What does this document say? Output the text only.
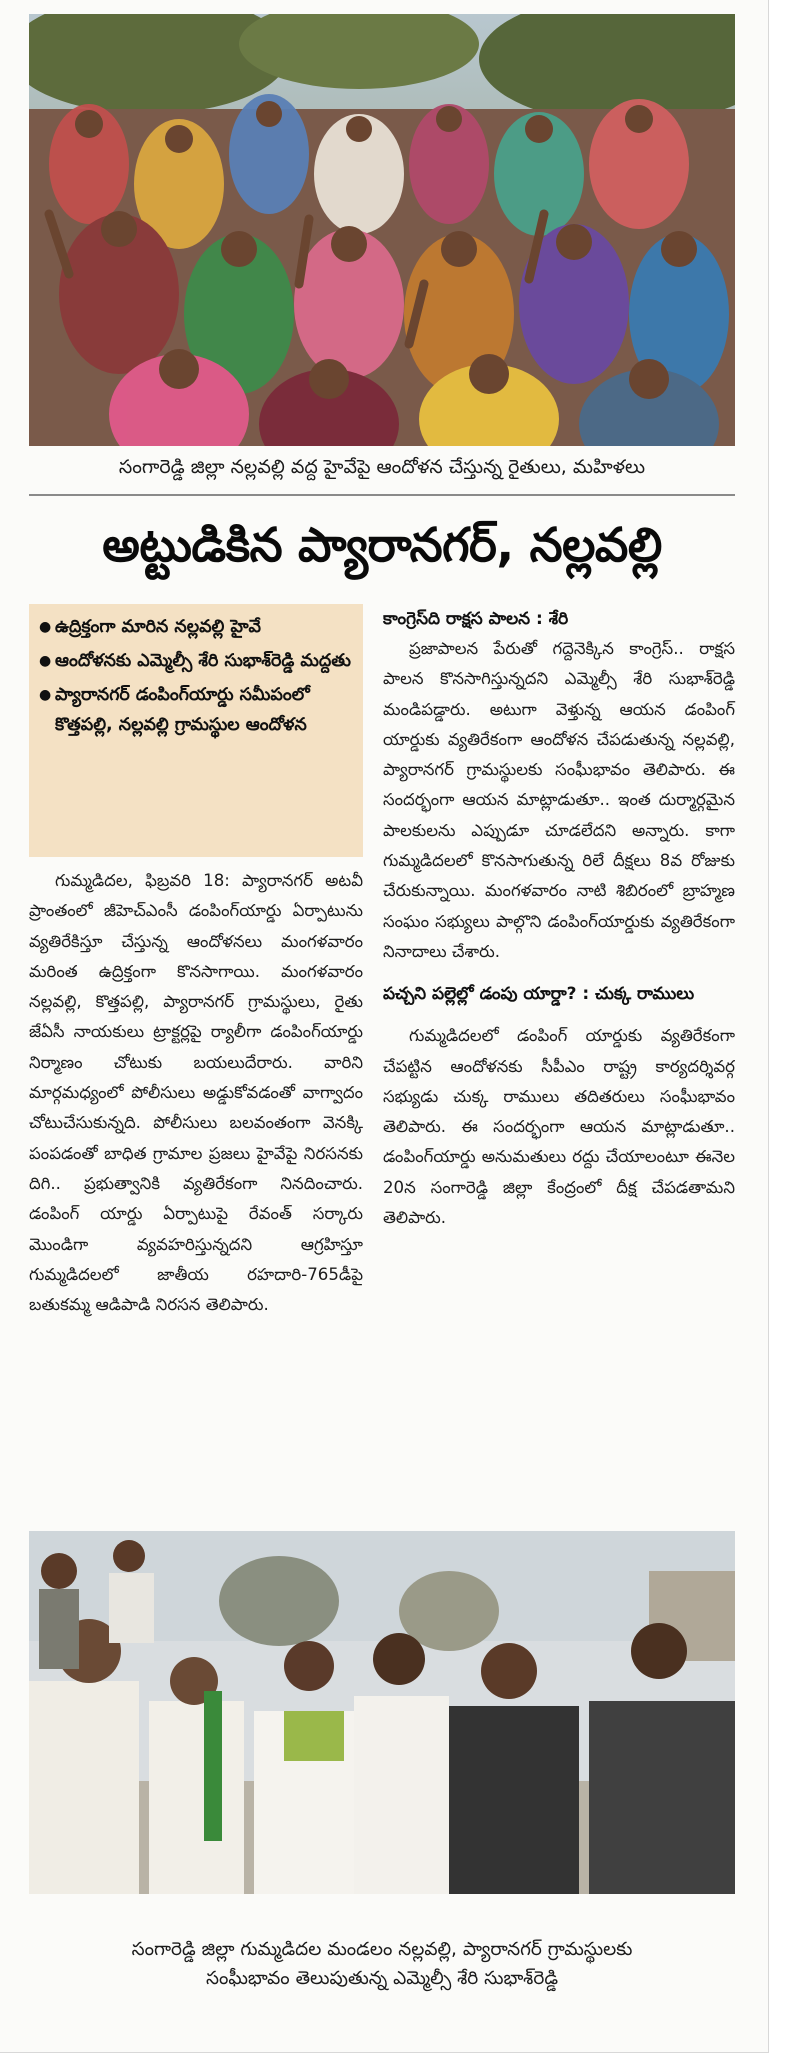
సంగారెడ్డి జిల్లా నల్లవల్లి వద్ద హైవేపై ఆందోళన చేస్తున్న రైతులు, మహిళలు
అట్టుడికిన ప్యారానగర్, నల్లవల్లి
● ఉద్రిక్తంగా మారిన నల్లవల్లి హైవే
● ఆందోళనకు ఎమ్మెల్సీ శేరి సుభాశ్‌రెడ్డి మద్దతు
● ప్యారానగర్ డంపింగ్‌యార్డు సమీపంలో కొత్తపల్లి, నల్లవల్లి గ్రామస్థుల ఆందోళన

గుమ్మడిదల, ఫిబ్రవరి 18: ప్యారానగర్ అటవీ ప్రాంతంలో జీహెచ్‌ఎంసీ డంపింగ్‌యార్డు ఏర్పాటును వ్యతిరేకిస్తూ చేస్తున్న ఆందోళనలు మంగళవారం మరింత ఉద్రిక్తంగా కొనసాగాయి. మంగళవారం నల్లవల్లి, కొత్తపల్లి, ప్యారానగర్ గ్రామస్థులు, రైతు జేఏసీ నాయకులు ట్రాక్టర్లపై ర్యాలీగా డంపింగ్‌యార్డు నిర్మాణం చోటుకు బయలుదేరారు. వారిని మార్గమధ్యంలో పోలీసులు అడ్డుకోవడంతో వాగ్వాదం చోటుచేసుకున్నది. పోలీసులు బలవంతంగా వెనక్కి పంపడంతో బాధిత గ్రామాల ప్రజలు హైవేపై నిరసనకు దిగి.. ప్రభుత్వానికి వ్యతిరేకంగా నినదించారు. డంపింగ్ యార్డు ఏర్పాటుపై రేవంత్ సర్కారు మొండిగా వ్యవహరిస్తున్నదని ఆగ్రహిస్తూ గుమ్మడిదలలో జాతీయ రహదారి-765డీపై బతుకమ్మ ఆడిపాడి నిరసన తెలిపారు.

కాంగ్రెస్‌ది రాక్షస పాలన : శేరి

ప్రజాపాలన పేరుతో గద్దెనెక్కిన కాంగ్రెస్.. రాక్షస పాలన కొనసాగిస్తున్నదని ఎమ్మెల్సీ శేరి సుభాశ్‌రెడ్డి మండిపడ్డారు. అటుగా వెళ్తున్న ఆయన డంపింగ్ యార్డుకు వ్యతిరేకంగా ఆందోళన చేపడుతున్న నల్లవల్లి, ప్యారానగర్ గ్రామస్థులకు సంఘీభావం తెలిపారు. ఈ సందర్భంగా ఆయన మాట్లాడుతూ.. ఇంత దుర్మార్గమైన పాలకులను ఎప్పుడూ చూడలేదని అన్నారు. కాగా గుమ్మడిదలలో కొనసాగుతున్న రిలే దీక్షలు 8వ రోజుకు చేరుకున్నాయి. మంగళవారం నాటి శిబిరంలో బ్రాహ్మణ సంఘం సభ్యులు పాల్గొని డంపింగ్‌యార్డుకు వ్యతిరేకంగా నినాదాలు చేశారు.

పచ్చని పల్లెల్లో డంపు యార్డా? : చుక్క రాములు

గుమ్మడిదలలో డంపింగ్ యార్డుకు వ్యతిరేకంగా చేపట్టిన ఆందోళనకు సీపీఎం రాష్ట్ర కార్యదర్శివర్గ సభ్యుడు చుక్క రాములు తదితరులు సంఘీభావం తెలిపారు. ఈ సందర్భంగా ఆయన మాట్లాడుతూ.. డంపింగ్‌యార్డు అనుమతులు రద్దు చేయాలంటూ ఈనెల 20న సంగారెడ్డి జిల్లా కేంద్రంలో దీక్ష చేపడతామని తెలిపారు.

సంగారెడ్డి జిల్లా గుమ్మడిదల మండలం నల్లవల్లి, ప్యారానగర్ గ్రామస్థులకు
సంఘీభావం తెలుపుతున్న ఎమ్మెల్సీ శేరి సుభాశ్‌రెడ్డి
